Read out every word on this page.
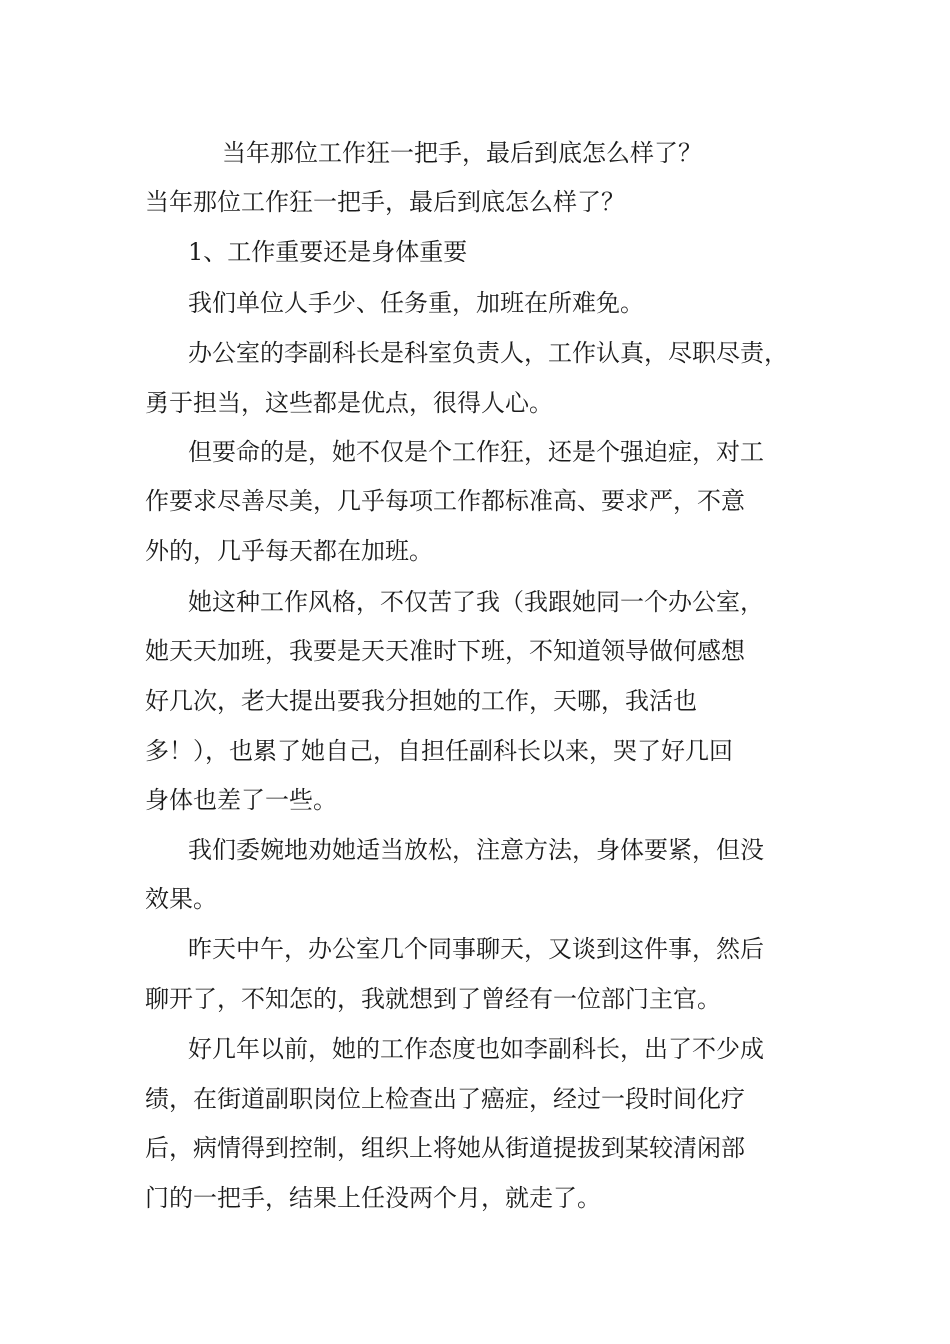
当年那位工作狂一把手，最后到底怎么样了？
当年那位工作狂一把手，最后到底怎么样了？
1、工作重要还是身体重要
我们单位人手少、任务重，加班在所难免。
办公室的李副科长是科室负责人，工作认真，尽职尽责，
勇于担当，这些都是优点，很得人心。
但要命的是，她不仅是个工作狂，还是个强迫症，对工
作要求尽善尽美，几乎每项工作都标准高、要求严，不意
外的，几乎每天都在加班。
她这种工作风格，不仅苦了我（我跟她同一个办公室，
她天天加班，我要是天天准时下班，不知道领导做何感想
好几次，老大提出要我分担她的工作，天哪，我活也
多！），也累了她自己，自担任副科长以来，哭了好几回
身体也差了一些。
我们委婉地劝她适当放松，注意方法，身体要紧，但没
效果。
昨天中午，办公室几个同事聊天，又谈到这件事，然后
聊开了，不知怎的，我就想到了曾经有一位部门主官。
好几年以前，她的工作态度也如李副科长，出了不少成
绩，在街道副职岗位上检查出了癌症，经过一段时间化疗
后，病情得到控制，组织上将她从街道提拔到某较清闲部
门的一把手，结果上任没两个月，就走了。
